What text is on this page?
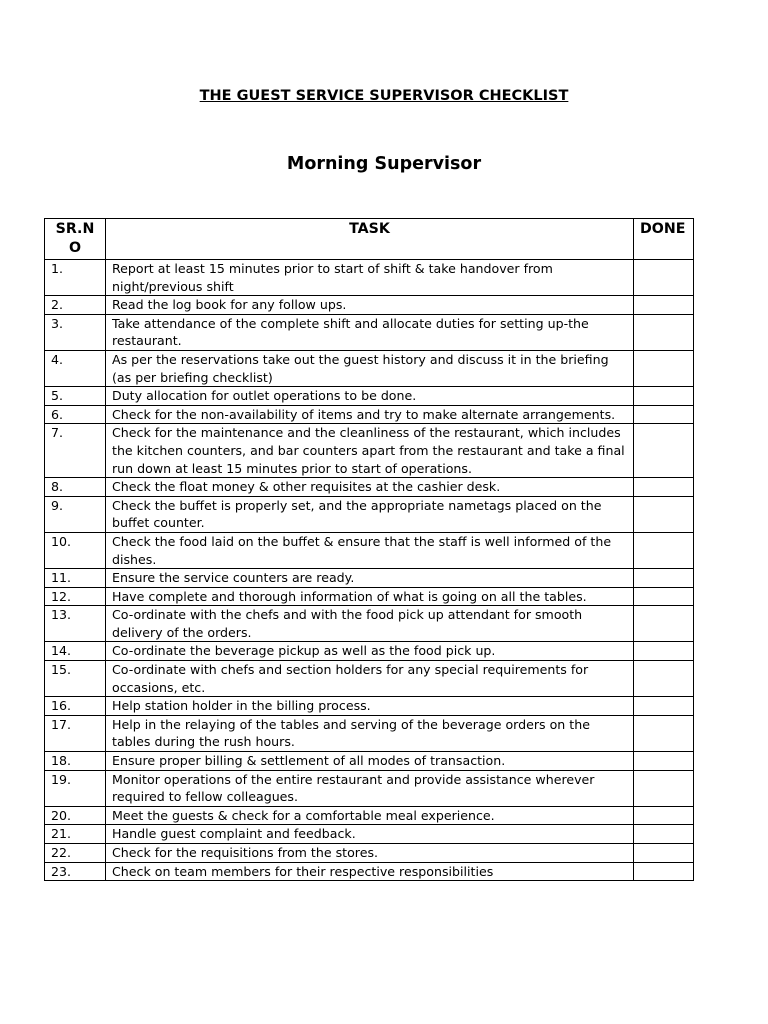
THE GUEST SERVICE SUPERVISOR CHECKLIST
Morning Supervisor
SR.N O	TASK	DONE
1.	Report at least 15 minutes prior to start of shift & take handover from night/previous shift	
2.	Read the log book for any follow ups.	
3.	Take attendance of the complete shift and allocate duties for setting up-the restaurant.	
4.	As per the reservations take out the guest history and discuss it in the briefing (as per briefing checklist)	
5.	Duty allocation for outlet operations to be done.	
6.	Check for the non-availability of items and try to make alternate arrangements.	
7.	Check for the maintenance and the cleanliness of the restaurant, which includes the kitchen counters, and bar counters apart from the restaurant and take a final run down at least 15 minutes prior to start of operations.	
8.	Check the float money & other requisites at the cashier desk.	
9.	Check the buffet is properly set, and the appropriate nametags placed on the buffet counter.	
10.	Check the food laid on the buffet & ensure that the staff is well informed of the dishes.	
11.	Ensure the service counters are ready.	
12.	Have complete and thorough information of what is going on all the tables.	
13.	Co-ordinate with the chefs and with the food pick up attendant for smooth delivery of the orders.	
14.	Co-ordinate the beverage pickup as well as the food pick up.	
15.	Co-ordinate with chefs and section holders for any special requirements for occasions, etc.	
16.	Help station holder in the billing process.	
17.	Help in the relaying of the tables and serving of the beverage orders on the tables during the rush hours.	
18.	Ensure proper billing & settlement of all modes of transaction.	
19.	Monitor operations of the entire restaurant and provide assistance wherever required to fellow colleagues.	
20.	Meet the guests & check for a comfortable meal experience.	
21.	Handle guest complaint and feedback.	
22.	Check for the requisitions from the stores.	
23.	Check on team members for their respective responsibilities	
